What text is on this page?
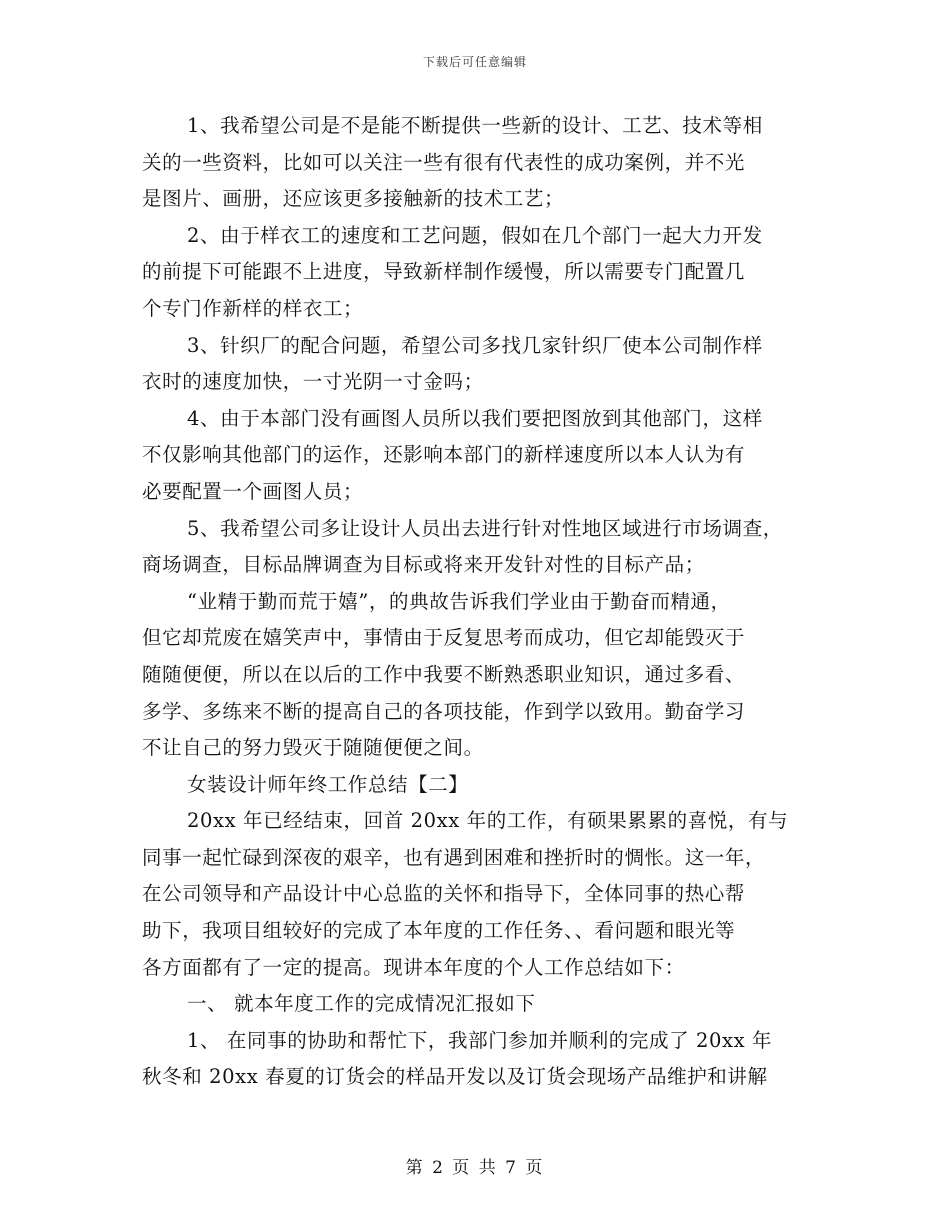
下载后可任意编辑
1、我希望公司是不是能不断提供一些新的设计、工艺、技术等相
关的一些资料，比如可以关注一些有很有代表性的成功案例，并不光
是图片、画册，还应该更多接触新的技术工艺；
2、由于样衣工的速度和工艺问题，假如在几个部门一起大力开发
的前提下可能跟不上进度，导致新样制作缓慢，所以需要专门配置几
个专门作新样的样衣工；
3、针织厂的配合问题，希望公司多找几家针织厂使本公司制作样
衣时的速度加快，一寸光阴一寸金吗；
4、由于本部门没有画图人员所以我们要把图放到其他部门，这样
不仅影响其他部门的运作，还影响本部门的新样速度所以本人认为有
必要配置一个画图人员；
5、我希望公司多让设计人员出去进行针对性地区域进行市场调查，
商场调查，目标品牌调查为目标或将来开发针对性的目标产品；
“业精于勤而荒于嬉”，的典故告诉我们学业由于勤奋而精通，
但它却荒废在嬉笑声中，事情由于反复思考而成功，但它却能毁灭于
随随便便，所以在以后的工作中我要不断熟悉职业知识，通过多看、
多学、多练来不断的提高自己的各项技能，作到学以致用。勤奋学习
不让自己的努力毁灭于随随便便之间。
女装设计师年终工作总结【二】
20xx 年已经结束，回首 20xx 年的工作，有硕果累累的喜悦，有与
同事一起忙碌到深夜的艰辛，也有遇到困难和挫折时的惆怅。这一年，
在公司领导和产品设计中心总监的关怀和指导下，全体同事的热心帮
助下，我项目组较好的完成了本年度的工作任务、、看问题和眼光等
各方面都有了一定的提高。现讲本年度的个人工作总结如下：
一、 就本年度工作的完成情况汇报如下
1、 在同事的协助和帮忙下，我部门参加并顺利的完成了 20xx 年
秋冬和 20xx 春夏的订货会的样品开发以及订货会现场产品维护和讲解
第 2 页 共 7 页
